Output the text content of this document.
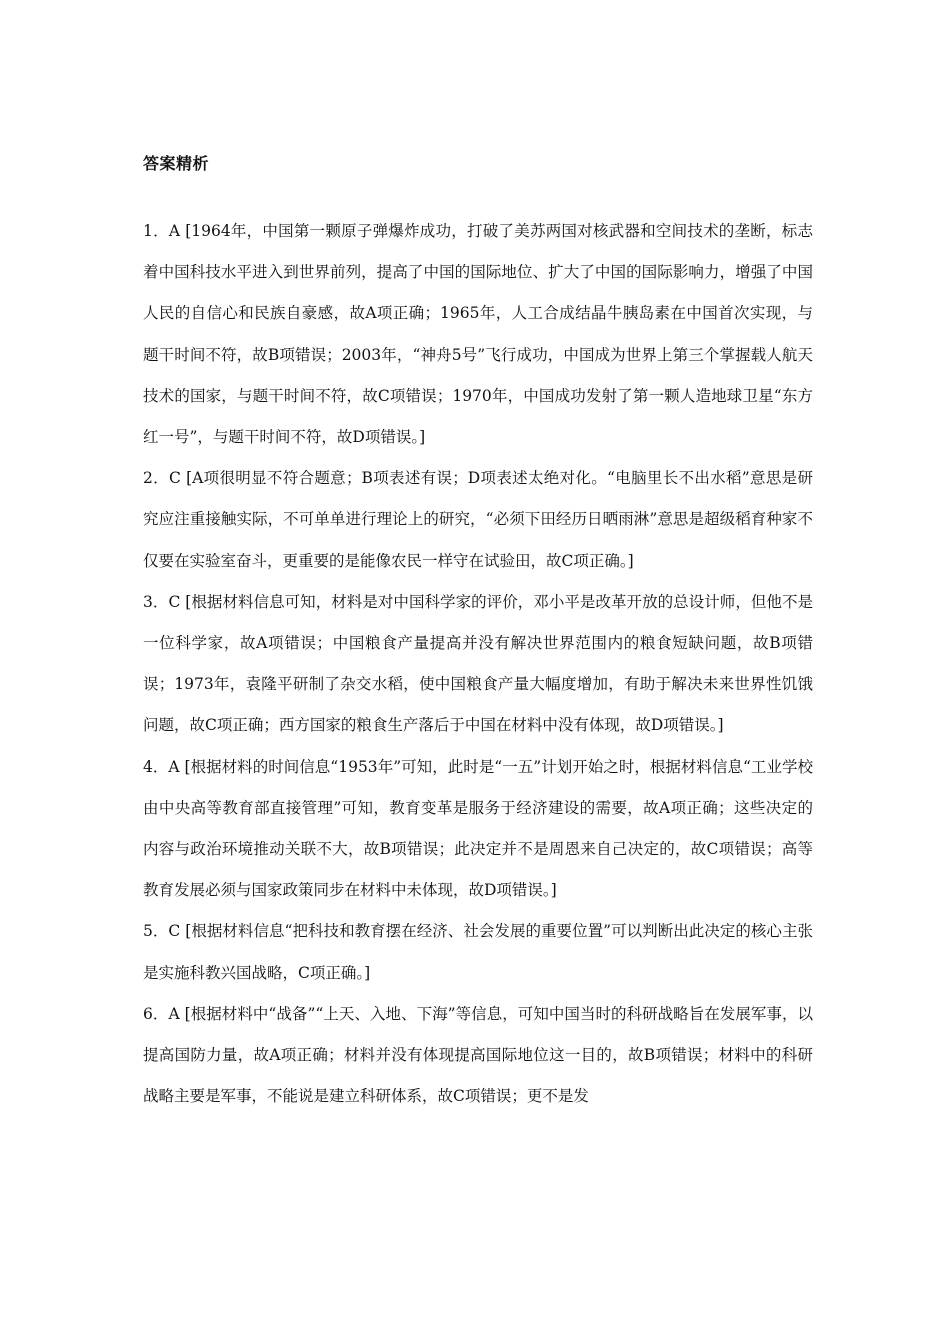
答案精析
1．A [1964年，中国第一颗原子弹爆炸成功，打破了美苏两国对核武器和空间技术的垄断，标志着中国科技水平进入到世界前列，提高了中国的国际地位、扩大了中国的国际影响力，增强了中国人民的自信心和民族自豪感，故A项正确；1965年，人工合成结晶牛胰岛素在中国首次实现，与题干时间不符，故B项错误；2003年，“神舟5号”飞行成功，中国成为世界上第三个掌握载人航天技术的国家，与题干时间不符，故C项错误；1970年，中国成功发射了第一颗人造地球卫星“东方红一号”，与题干时间不符，故D项错误。]
2．C [A项很明显不符合题意；B项表述有误；D项表述太绝对化。“电脑里长不出水稻”意思是研究应注重接触实际，不可单单进行理论上的研究，“必须下田经历日晒雨淋”意思是超级稻育种家不仅要在实验室奋斗，更重要的是能像农民一样守在试验田，故C项正确。]
3．C [根据材料信息可知，材料是对中国科学家的评价，邓小平是改革开放的总设计师，但他不是一位科学家，故A项错误；中国粮食产量提高并没有解决世界范围内的粮食短缺问题，故B项错误；1973年，袁隆平研制了杂交水稻，使中国粮食产量大幅度增加，有助于解决未来世界性饥饿问题，故C项正确；西方国家的粮食生产落后于中国在材料中没有体现，故D项错误。]
4．A [根据材料的时间信息“1953年”可知，此时是“一五”计划开始之时，根据材料信息“工业学校由中央高等教育部直接管理”可知，教育变革是服务于经济建设的需要，故A项正确；这些决定的内容与政治环境推动关联不大，故B项错误；此决定并不是周恩来自己决定的，故C项错误；高等教育发展必须与国家政策同步在材料中未体现，故D项错误。]
5．C [根据材料信息“把科技和教育摆在经济、社会发展的重要位置”可以判断出此决定的核心主张是实施科教兴国战略，C项正确。]
6．A [根据材料中“战备”“上天、入地、下海”等信息，可知中国当时的科研战略旨在发展军事，以提高国防力量，故A项正确；材料并没有体现提高国际地位这一目的，故B项错误；材料中的科研战略主要是军事，不能说是建立科研体系，故C项错误；更不是发
